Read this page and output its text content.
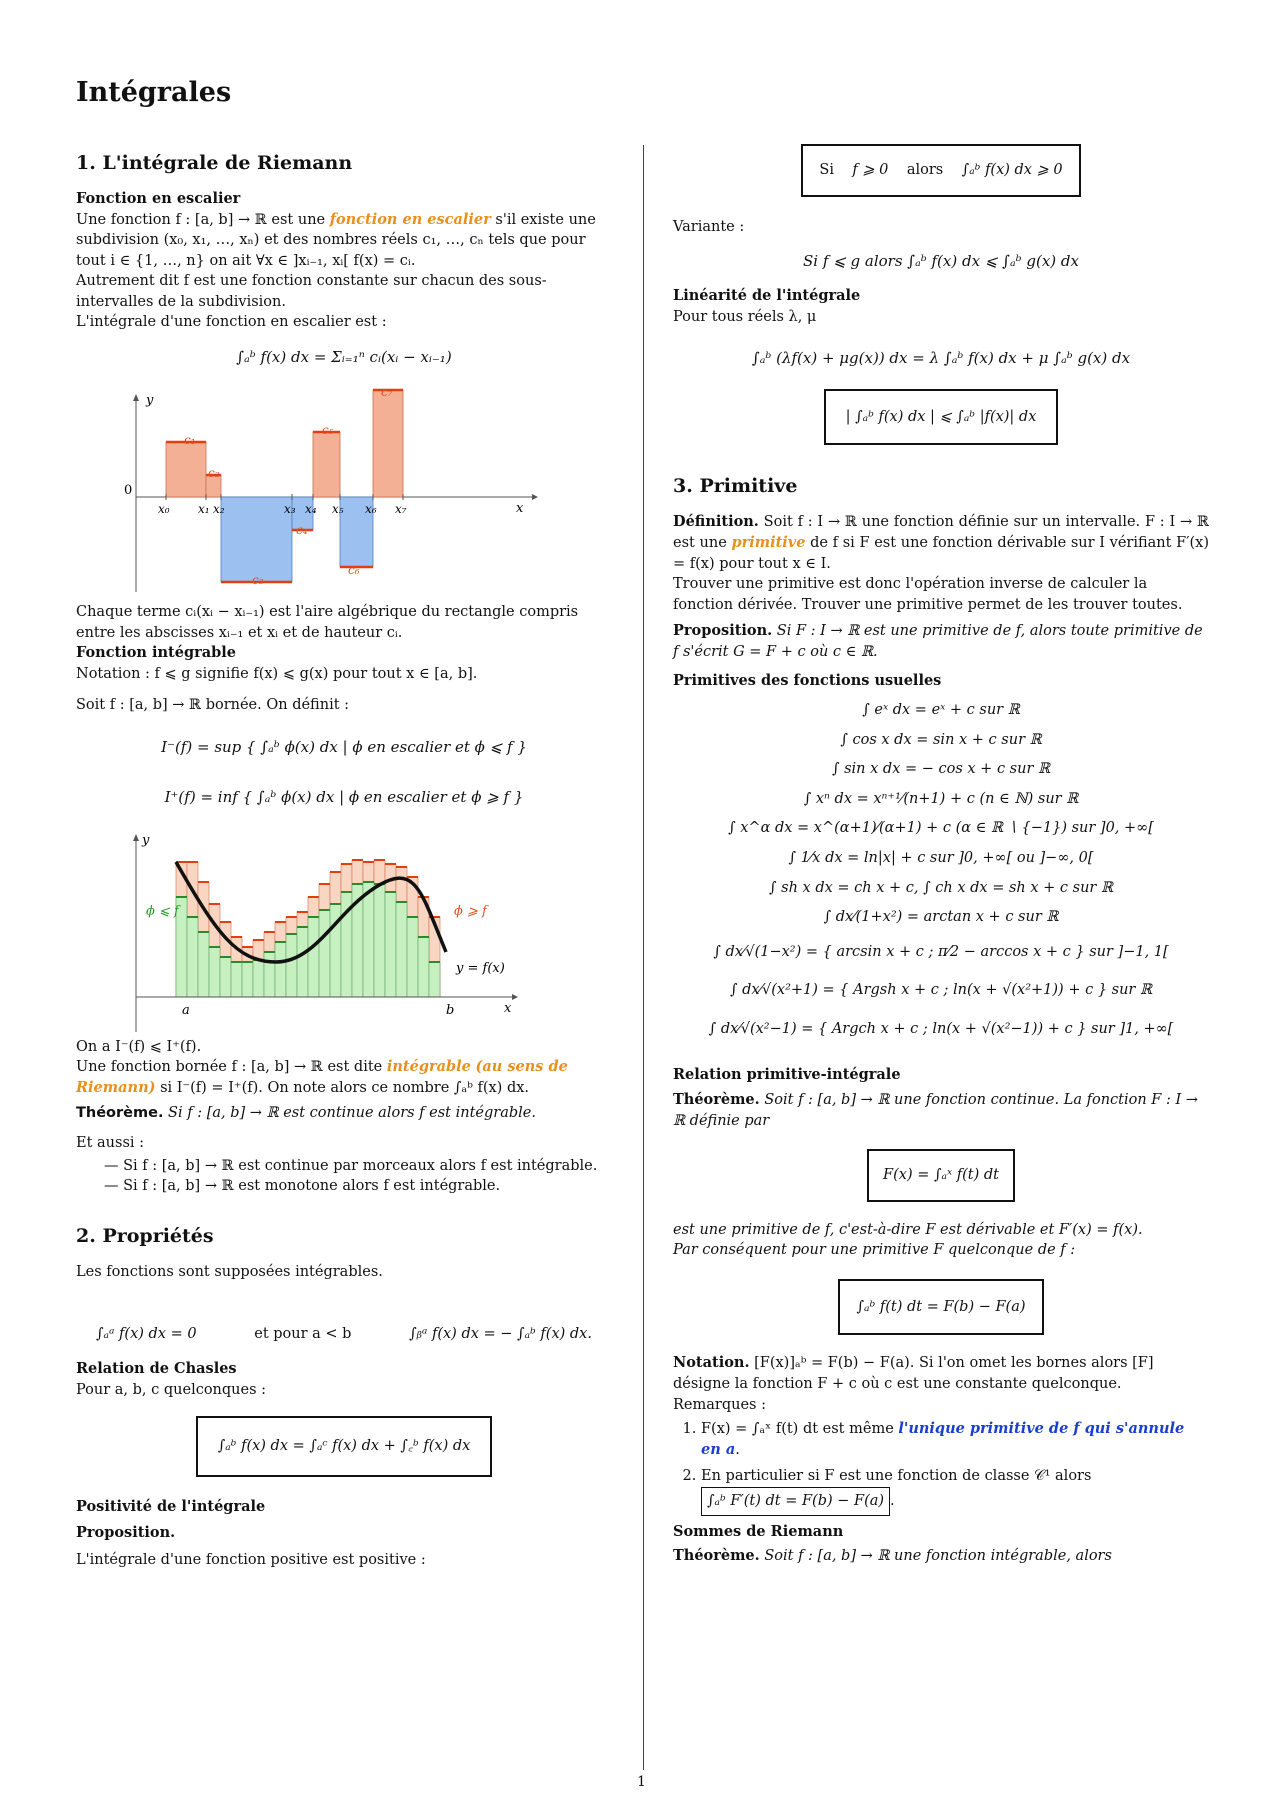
Intégrales
1. L'intégrale de Riemann
Fonction en escalier

Une fonction f : [a, b] → ℝ est une fonction en escalier s'il existe une subdivision (x₀, x₁, …, xₙ) et des nombres réels c₁, …, cₙ tels que pour tout i ∈ {1, …, n} on ait ∀x ∈ ]xᵢ₋₁, xᵢ[ f(x) = cᵢ.

Autrement dit f est une fonction constante sur chacun des sous-intervalles de la subdivision.

L'intégrale d'une fonction en escalier est :

∫ₐᵇ f(x) dx = Σᵢ₌₁ⁿ cᵢ(xᵢ − xᵢ₋₁)
y
x
0
c₁
c₂
c₃
c₄
c₅
c₆
c₇
x₀ x₁ x₂	x₃ x₄ x₅ x₆ x₇

Chaque terme cᵢ(xᵢ − xᵢ₋₁) est l'aire algébrique du rectangle compris entre les abscisses xᵢ₋₁ et xᵢ et de hauteur cᵢ.

Fonction intégrable

Notation : f ⩽ g signifie f(x) ⩽ g(x) pour tout x ∈ [a, b].

Soit f : [a, b] → ℝ bornée. On définit :

I⁻(f) = sup { ∫ₐᵇ ϕ(x) dx | ϕ en escalier et ϕ ⩽ f }
I⁺(f) = inf { ∫ₐᵇ ϕ(x) dx | ϕ en escalier et ϕ ⩾ f }
y
x
a	b
ϕ ⩽ f	ϕ ⩾ f
y = f(x)

On a I⁻(f) ⩽ I⁺(f).

Une fonction bornée f : [a, b] → ℝ est dite intégrable (au sens de Riemann) si I⁻(f) = I⁺(f). On note alors ce nombre ∫ₐᵇ f(x) dx.

Théorème. Si f : [a, b] → ℝ est continue alors f est intégrable.

Et aussi :

— Si f : [a, b] → ℝ est continue par morceaux alors f est intégrable.
— Si f : [a, b] → ℝ est monotone alors f est intégrable.
2. Propriétés

Les fonctions sont supposées intégrables.

∫ₐᵃ f(x) dx = 0	et pour a < b	∫ᵦᵃ f(x) dx = − ∫ₐᵇ f(x) dx.
Relation de Chasles

Pour a, b, c quelconques :

∫ₐᵇ f(x) dx = ∫ₐᶜ f(x) dx + ∫꜀ᵇ f(x) dx
Positivité de l'intégrale
Proposition.

L'intégrale d'une fonction positive est positive :

Si f ⩾ 0 alors ∫ₐᵇ f(x) dx ⩾ 0

Variante :

Si f ⩽ g alors ∫ₐᵇ f(x) dx ⩽ ∫ₐᵇ g(x) dx
Linéarité de l'intégrale

Pour tous réels λ, μ

∫ₐᵇ (λf(x) + μg(x)) dx = λ ∫ₐᵇ f(x) dx + μ ∫ₐᵇ g(x) dx
| ∫ₐᵇ f(x) dx | ⩽ ∫ₐᵇ |f(x)| dx
3. Primitive

Définition. Soit f : I → ℝ une fonction définie sur un intervalle. F : I → ℝ est une primitive de f si F est une fonction dérivable sur I vérifiant F′(x) = f(x) pour tout x ∈ I.

Trouver une primitive est donc l'opération inverse de calculer la fonction dérivée. Trouver une primitive permet de les trouver toutes.

Proposition. Si F : I → ℝ est une primitive de f, alors toute primitive de f s'écrit G = F + c où c ∈ ℝ.

Primitives des fonctions usuelles
∫ eˣ dx = eˣ + c sur ℝ
∫ cos x dx = sin x + c sur ℝ
∫ sin x dx = − cos x + c sur ℝ
∫ xⁿ dx = xⁿ⁺¹⁄(n+1) + c (n ∈ ℕ) sur ℝ
∫ x^α dx = x^(α+1)⁄(α+1) + c (α ∈ ℝ ∖ {−1}) sur ]0, +∞[
∫ 1⁄x dx = ln|x| + c sur ]0, +∞[ ou ]−∞, 0[
∫ sh x dx = ch x + c, ∫ ch x dx = sh x + c sur ℝ
∫ dx⁄(1+x²) = arctan x + c sur ℝ
∫ dx⁄√(1−x²) = { arcsin x + c ; π⁄2 − arccos x + c } sur ]−1, 1[
∫ dx⁄√(x²+1) = { Argsh x + c ; ln(x + √(x²+1)) + c } sur ℝ
∫ dx⁄√(x²−1) = { Argch x + c ; ln(x + √(x²−1)) + c } sur ]1, +∞[
Relation primitive-intégrale

Théorème. Soit f : [a, b] → ℝ une fonction continue. La fonction F : I → ℝ définie par

F(x) = ∫ₐˣ f(t) dt

est une primitive de f, c'est-à-dire F est dérivable et F′(x) = f(x).

Par conséquent pour une primitive F quelconque de f :

∫ₐᵇ f(t) dt = F(b) − F(a)

Notation. [F(x)]ₐᵇ = F(b) − F(a). Si l'on omet les bornes alors [F] désigne la fonction F + c où c est une constante quelconque.

Remarques :

1. F(x) = ∫ₐˣ f(t) dt est même l'unique primitive de f qui s'annule en a.
2. En particulier si F est une fonction de classe 𝒞¹ alors ∫ₐᵇ F′(t) dt = F(b) − F(a) .
Sommes de Riemann

Théorème. Soit f : [a, b] → ℝ une fonction intégrable, alors

1
